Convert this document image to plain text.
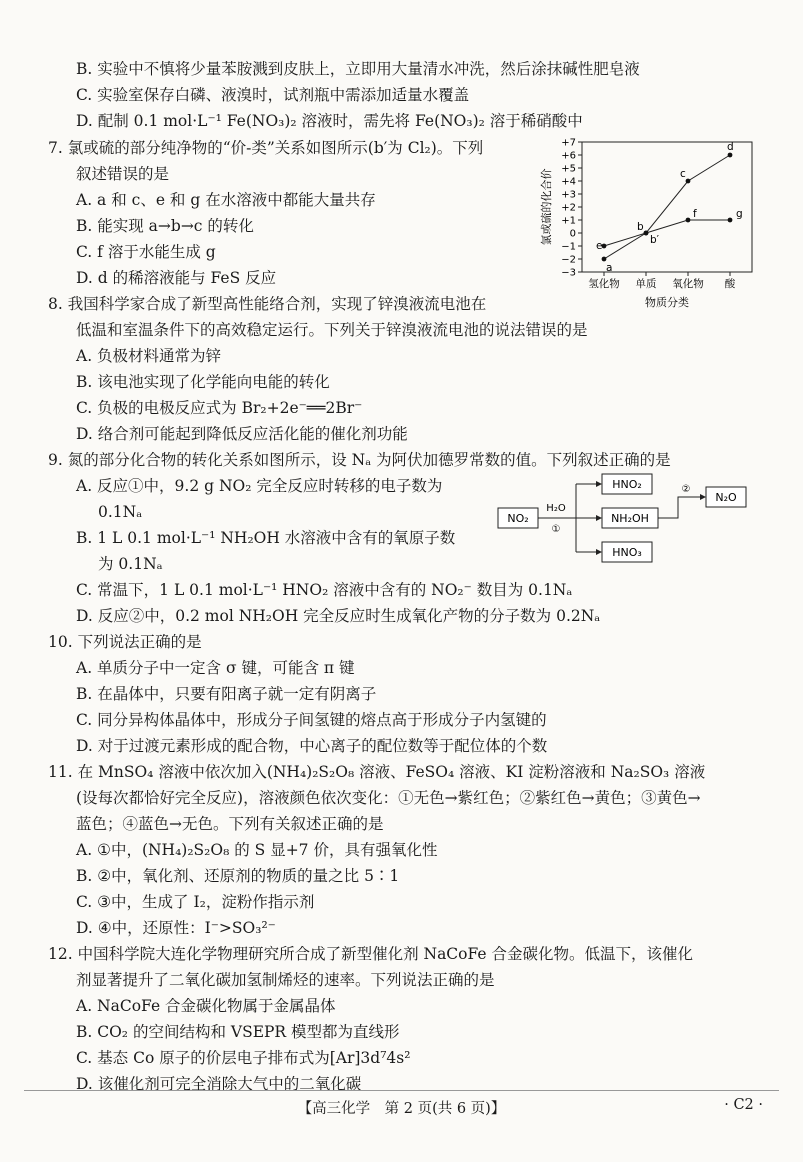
B. 实验中不慎将少量苯胺溅到皮肤上，立即用大量清水冲洗，然后涂抹碱性肥皂液
C. 实验室保存白磷、液溴时，试剂瓶中需添加适量水覆盖
D. 配制 0.1 mol·L⁻¹ Fe(NO₃)₂ 溶液时，需先将 Fe(NO₃)₂ 溶于稀硝酸中
7. 氯或硫的部分纯净物的“价-类”关系如图所示(b′为 Cl₂)。下列
叙述错误的是
A. a 和 c、e 和 g 在水溶液中都能大量共存
B. 能实现 a→b→c 的转化
C. f 溶于水能生成 g
D. d 的稀溶液能与 FeS 反应
8. 我国科学家合成了新型高性能络合剂，实现了锌溴液流电池在
低温和室温条件下的高效稳定运行。下列关于锌溴液流电池的说法错误的是
A. 负极材料通常为锌
B. 该电池实现了化学能向电能的转化
C. 负极的电极反应式为 Br₂+2e⁻══2Br⁻
D. 络合剂可能起到降低反应活化能的催化剂功能
9. 氮的部分化合物的转化关系如图所示，设 Nₐ 为阿伏加德罗常数的值。下列叙述正确的是
A. 反应①中，9.2 g NO₂ 完全反应时转移的电子数为
0.1Nₐ
B. 1 L 0.1 mol·L⁻¹ NH₂OH 水溶液中含有的氧原子数
为 0.1Nₐ
C. 常温下，1 L 0.1 mol·L⁻¹ HNO₂ 溶液中含有的 NO₂⁻ 数目为 0.1Nₐ
D. 反应②中，0.2 mol NH₂OH 完全反应时生成氧化产物的分子数为 0.2Nₐ
10. 下列说法正确的是
A. 单质分子中一定含 σ 键，可能含 π 键
B. 在晶体中，只要有阳离子就一定有阴离子
C. 同分异构体晶体中，形成分子间氢键的熔点高于形成分子内氢键的
D. 对于过渡元素形成的配合物，中心离子的配位数等于配位体的个数
11. 在 MnSO₄ 溶液中依次加入(NH₄)₂S₂O₈ 溶液、FeSO₄ 溶液、KI 淀粉溶液和 Na₂SO₃ 溶液
(设每次都恰好完全反应)，溶液颜色依次变化：①无色→紫红色；②紫红色→黄色；③黄色→
蓝色；④蓝色→无色。下列有关叙述正确的是
A. ①中，(NH₄)₂S₂O₈ 的 S 显+7 价，具有强氧化性
B. ②中，氧化剂、还原剂的物质的量之比 5∶1
C. ③中，生成了 I₂，淀粉作指示剂
D. ④中，还原性：I⁻>SO₃²⁻
12. 中国科学院大连化学物理研究所合成了新型催化剂 NaCoFe 合金碳化物。低温下，该催化
剂显著提升了二氧化碳加氢制烯烃的速率。下列说法正确的是
A. NaCoFe 合金碳化物属于金属晶体
B. CO₂ 的空间结构和 VSEPR 模型都为直线形
C. 基态 Co 原子的价层电子排布式为[Ar]3d⁷4s²
D. 该催化剂可完全消除大气中的二氧化碳
+7
+6
+5
+4
+3
+2
+1
0
−1
−2
−3
氢化物 单质 氧化物 酸
e
a
b
b′
c
d
f	g
氯或硫的化合价
物质分类
NO₂
H₂O
①
HNO₂
NH₂OH
HNO₃
②
N₂O
【高三化学　第 2 页(共 6 页)】	· C2 ·
